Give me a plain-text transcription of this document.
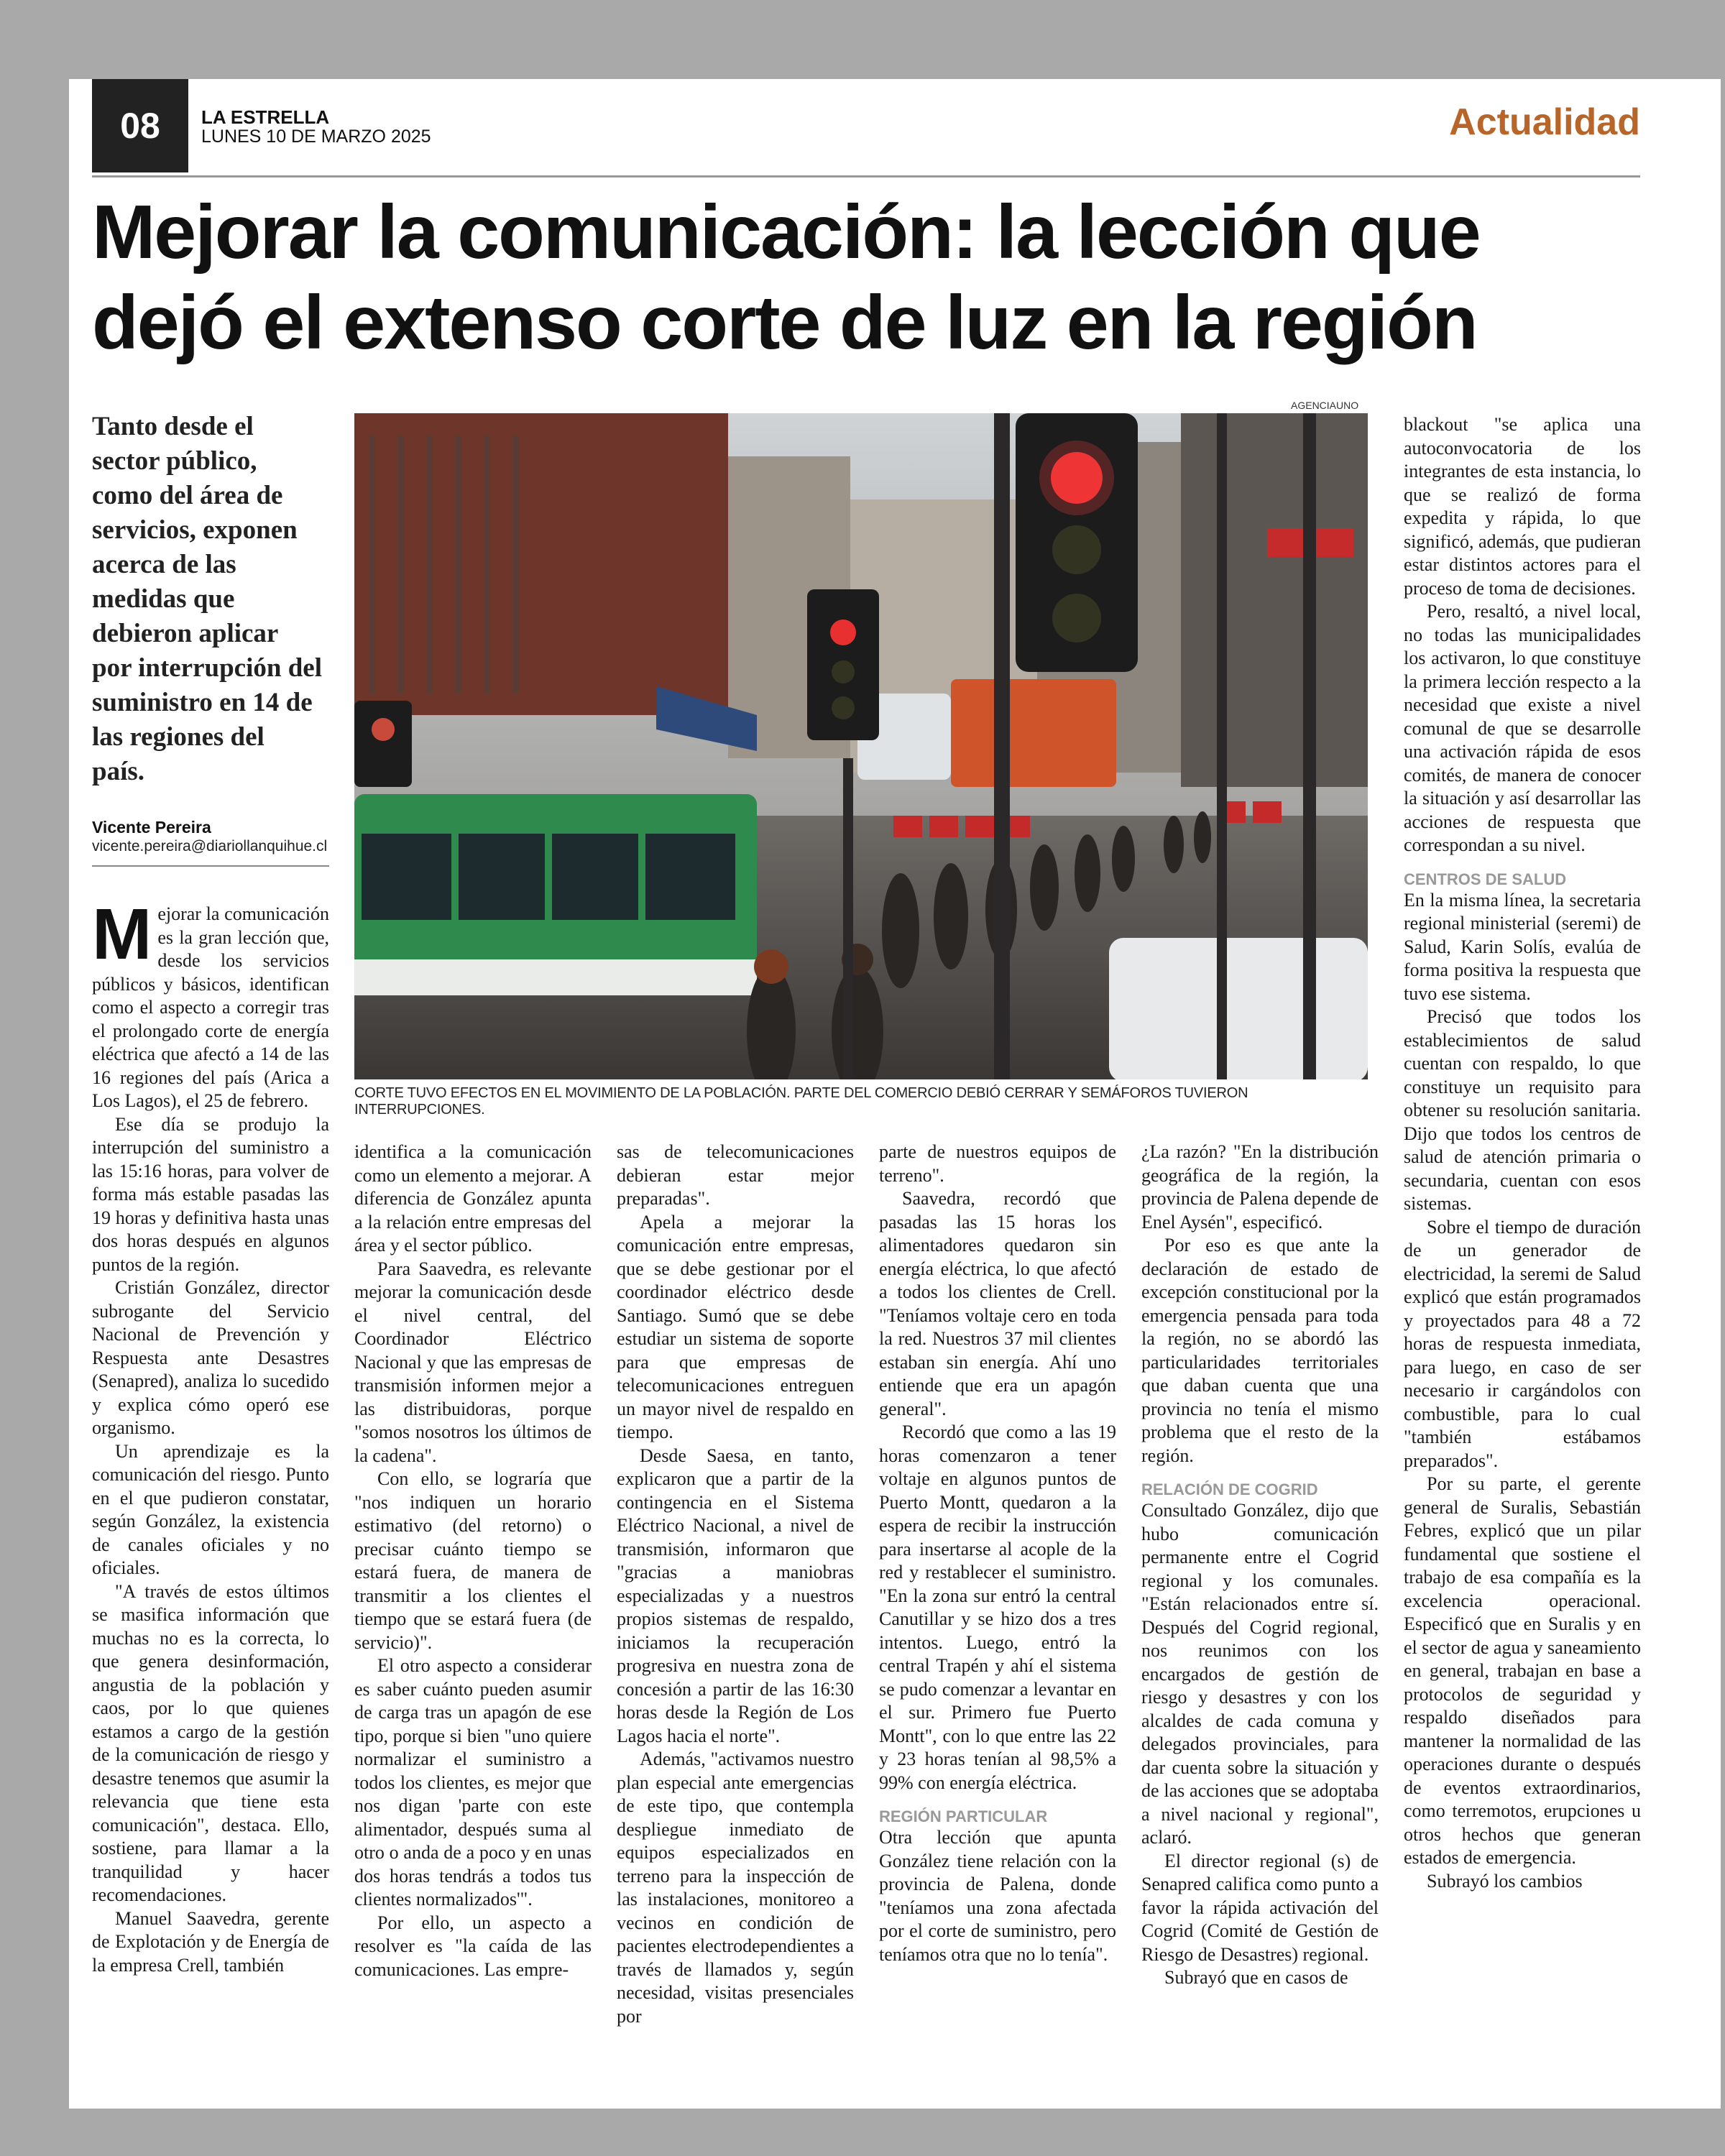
08	LA ESTRELLA
LUNES 10 DE MARZO 2025	Actualidad
Mejorar la comunicación: la lección que dejó el extenso corte de luz en la región
Tanto desde el sector público, como del área de servicios, exponen acerca de las medidas que debieron aplicar por interrupción del suministro en 14 de las regiones del país.
Vicente Pereira
vicente.pereira@diariollanquihue.cl
AGENCIAUNO
CORTE TUVO EFECTOS EN EL MOVIMIENTO DE LA POBLACIÓN. PARTE DEL COMERCIO DEBIÓ CERRAR Y SEMÁFOROS TUVIERON INTERRUPCIONES.

Mejorar la comunicación es la gran lección que, desde los servicios públicos y básicos, identifican como el aspecto a corregir tras el prolongado corte de energía eléctrica que afectó a 14 de las 16 regiones del país (Arica a Los Lagos), el 25 de febrero.

Ese día se produjo la interrupción del suministro a las 15:16 horas, para volver de forma más estable pasadas las 19 horas y definitiva hasta unas dos horas después en algunos puntos de la región.

Cristián González, director subrogante del Servicio Nacional de Prevención y Respuesta ante Desastres (Senapred), analiza lo sucedido y explica cómo operó ese organismo.

Un aprendizaje es la comunicación del riesgo. Punto en el que pudieron constatar, según González, la existencia de canales oficiales y no oficiales.

"A través de estos últimos se masifica información que muchas no es la correcta, lo que genera desinformación, angustia de la población y caos, por lo que quienes estamos a cargo de la gestión de la comunicación de riesgo y desastre tenemos que asumir la relevancia que tiene esta comunicación", destaca. Ello, sostiene, para llamar a la tranquilidad y hacer recomendaciones.

Manuel Saavedra, gerente de Explotación y de Energía de la empresa Crell, también

identifica a la comunicación como un elemento a mejorar. A diferencia de González apunta a la relación entre empresas del área y el sector público.

Para Saavedra, es relevante mejorar la comunicación desde el nivel central, del Coordinador Eléctrico Nacional y que las empresas de transmisión informen mejor a las distribuidoras, porque "somos nosotros los últimos de la cadena".

Con ello, se lograría que "nos indiquen un horario estimativo (del retorno) o precisar cuánto tiempo se estará fuera, de manera de transmitir a los clientes el tiempo que se estará fuera (de servicio)".

El otro aspecto a considerar es saber cuánto pueden asumir de carga tras un apagón de ese tipo, porque si bien "uno quiere normalizar el suministro a todos los clientes, es mejor que nos digan 'parte con este alimentador, después suma al otro o anda de a poco y en unas dos horas tendrás a todos tus clientes normalizados'".

Por ello, un aspecto a resolver es "la caída de las comunicaciones. Las empre-

sas de telecomunicaciones debieran estar mejor preparadas".

Apela a mejorar la comunicación entre empresas, que se debe gestionar por el coordinador eléctrico desde Santiago. Sumó que se debe estudiar un sistema de soporte para que empresas de telecomunicaciones entreguen un mayor nivel de respaldo en tiempo.

Desde Saesa, en tanto, explicaron que a partir de la contingencia en el Sistema Eléctrico Nacional, a nivel de transmisión, informaron que "gracias a maniobras especializadas y a nuestros propios sistemas de respaldo, iniciamos la recuperación progresiva en nuestra zona de concesión a partir de las 16:30 horas desde la Región de Los Lagos hacia el norte".

Además, "activamos nuestro plan especial ante emergencias de este tipo, que contempla despliegue inmediato de equipos especializados en terreno para la inspección de las instalaciones, monitoreo a vecinos en condición de pacientes electrodependientes a través de llamados y, según necesidad, visitas presenciales por

parte de nuestros equipos de terreno".

Saavedra, recordó que pasadas las 15 horas los alimentadores quedaron sin energía eléctrica, lo que afectó a todos los clientes de Crell. "Teníamos voltaje cero en toda la red. Nuestros 37 mil clientes estaban sin energía. Ahí uno entiende que era un apagón general".

Recordó que como a las 19 horas comenzaron a tener voltaje en algunos puntos de Puerto Montt, quedaron a la espera de recibir la instrucción para insertarse al acople de la red y restablecer el suministro. "En la zona sur entró la central Canutillar y se hizo dos a tres intentos. Luego, entró la central Trapén y ahí el sistema se pudo comenzar a levantar en el sur. Primero fue Puerto Montt", con lo que entre las 22 y 23 horas tenían al 98,5% a 99% con energía eléctrica.

REGIÓN PARTICULAR

Otra lección que apunta González tiene relación con la provincia de Palena, donde "teníamos una zona afectada por el corte de suministro, pero teníamos otra que no lo tenía".

¿La razón? "En la distribución geográfica de la región, la provincia de Palena depende de Enel Aysén", especificó.

Por eso es que ante la declaración de estado de excepción constitucional por la emergencia pensada para toda la región, no se abordó las particularidades territoriales que daban cuenta que una provincia no tenía el mismo problema que el resto de la región.

RELACIÓN DE COGRID

Consultado González, dijo que hubo comunicación permanente entre el Cogrid regional y los comunales. "Están relacionados entre sí. Después del Cogrid regional, nos reunimos con los encargados de gestión de riesgo y desastres y con los alcaldes de cada comuna y delegados provinciales, para dar cuenta sobre la situación y de las acciones que se adoptaba a nivel nacional y regional", aclaró.

El director regional (s) de Senapred califica como punto a favor la rápida activación del Cogrid (Comité de Gestión de Riesgo de Desastres) regional.

Subrayó que en casos de

blackout "se aplica una autoconvocatoria de los integrantes de esta instancia, lo que se realizó de forma expedita y rápida, lo que significó, además, que pudieran estar distintos actores para el proceso de toma de decisiones.

Pero, resaltó, a nivel local, no todas las municipalidades los activaron, lo que constituye la primera lección respecto a la necesidad que existe a nivel comunal de que se desarrolle una activación rápida de esos comités, de manera de conocer la situación y así desarrollar las acciones de respuesta que correspondan a su nivel.

CENTROS DE SALUD

En la misma línea, la secretaria regional ministerial (seremi) de Salud, Karin Solís, evalúa de forma positiva la respuesta que tuvo ese sistema.

Precisó que todos los establecimientos de salud cuentan con respaldo, lo que constituye un requisito para obtener su resolución sanitaria. Dijo que todos los centros de salud de atención primaria o secundaria, cuentan con esos sistemas.

Sobre el tiempo de duración de un generador de electricidad, la seremi de Salud explicó que están programados y proyectados para 48 a 72 horas de respuesta inmediata, para luego, en caso de ser necesario ir cargándolos con combustible, para lo cual "también estábamos preparados".

Por su parte, el gerente general de Suralis, Sebastián Febres, explicó que un pilar fundamental que sostiene el trabajo de esa compañía es la excelencia operacional. Especificó que en Suralis y en el sector de agua y saneamiento en general, trabajan en base a protocolos de seguridad y respaldo diseñados para mantener la normalidad de las operaciones durante o después de eventos extraordinarios, como terremotos, erupciones u otros hechos que generan estados de emergencia.

Subrayó los cambios
